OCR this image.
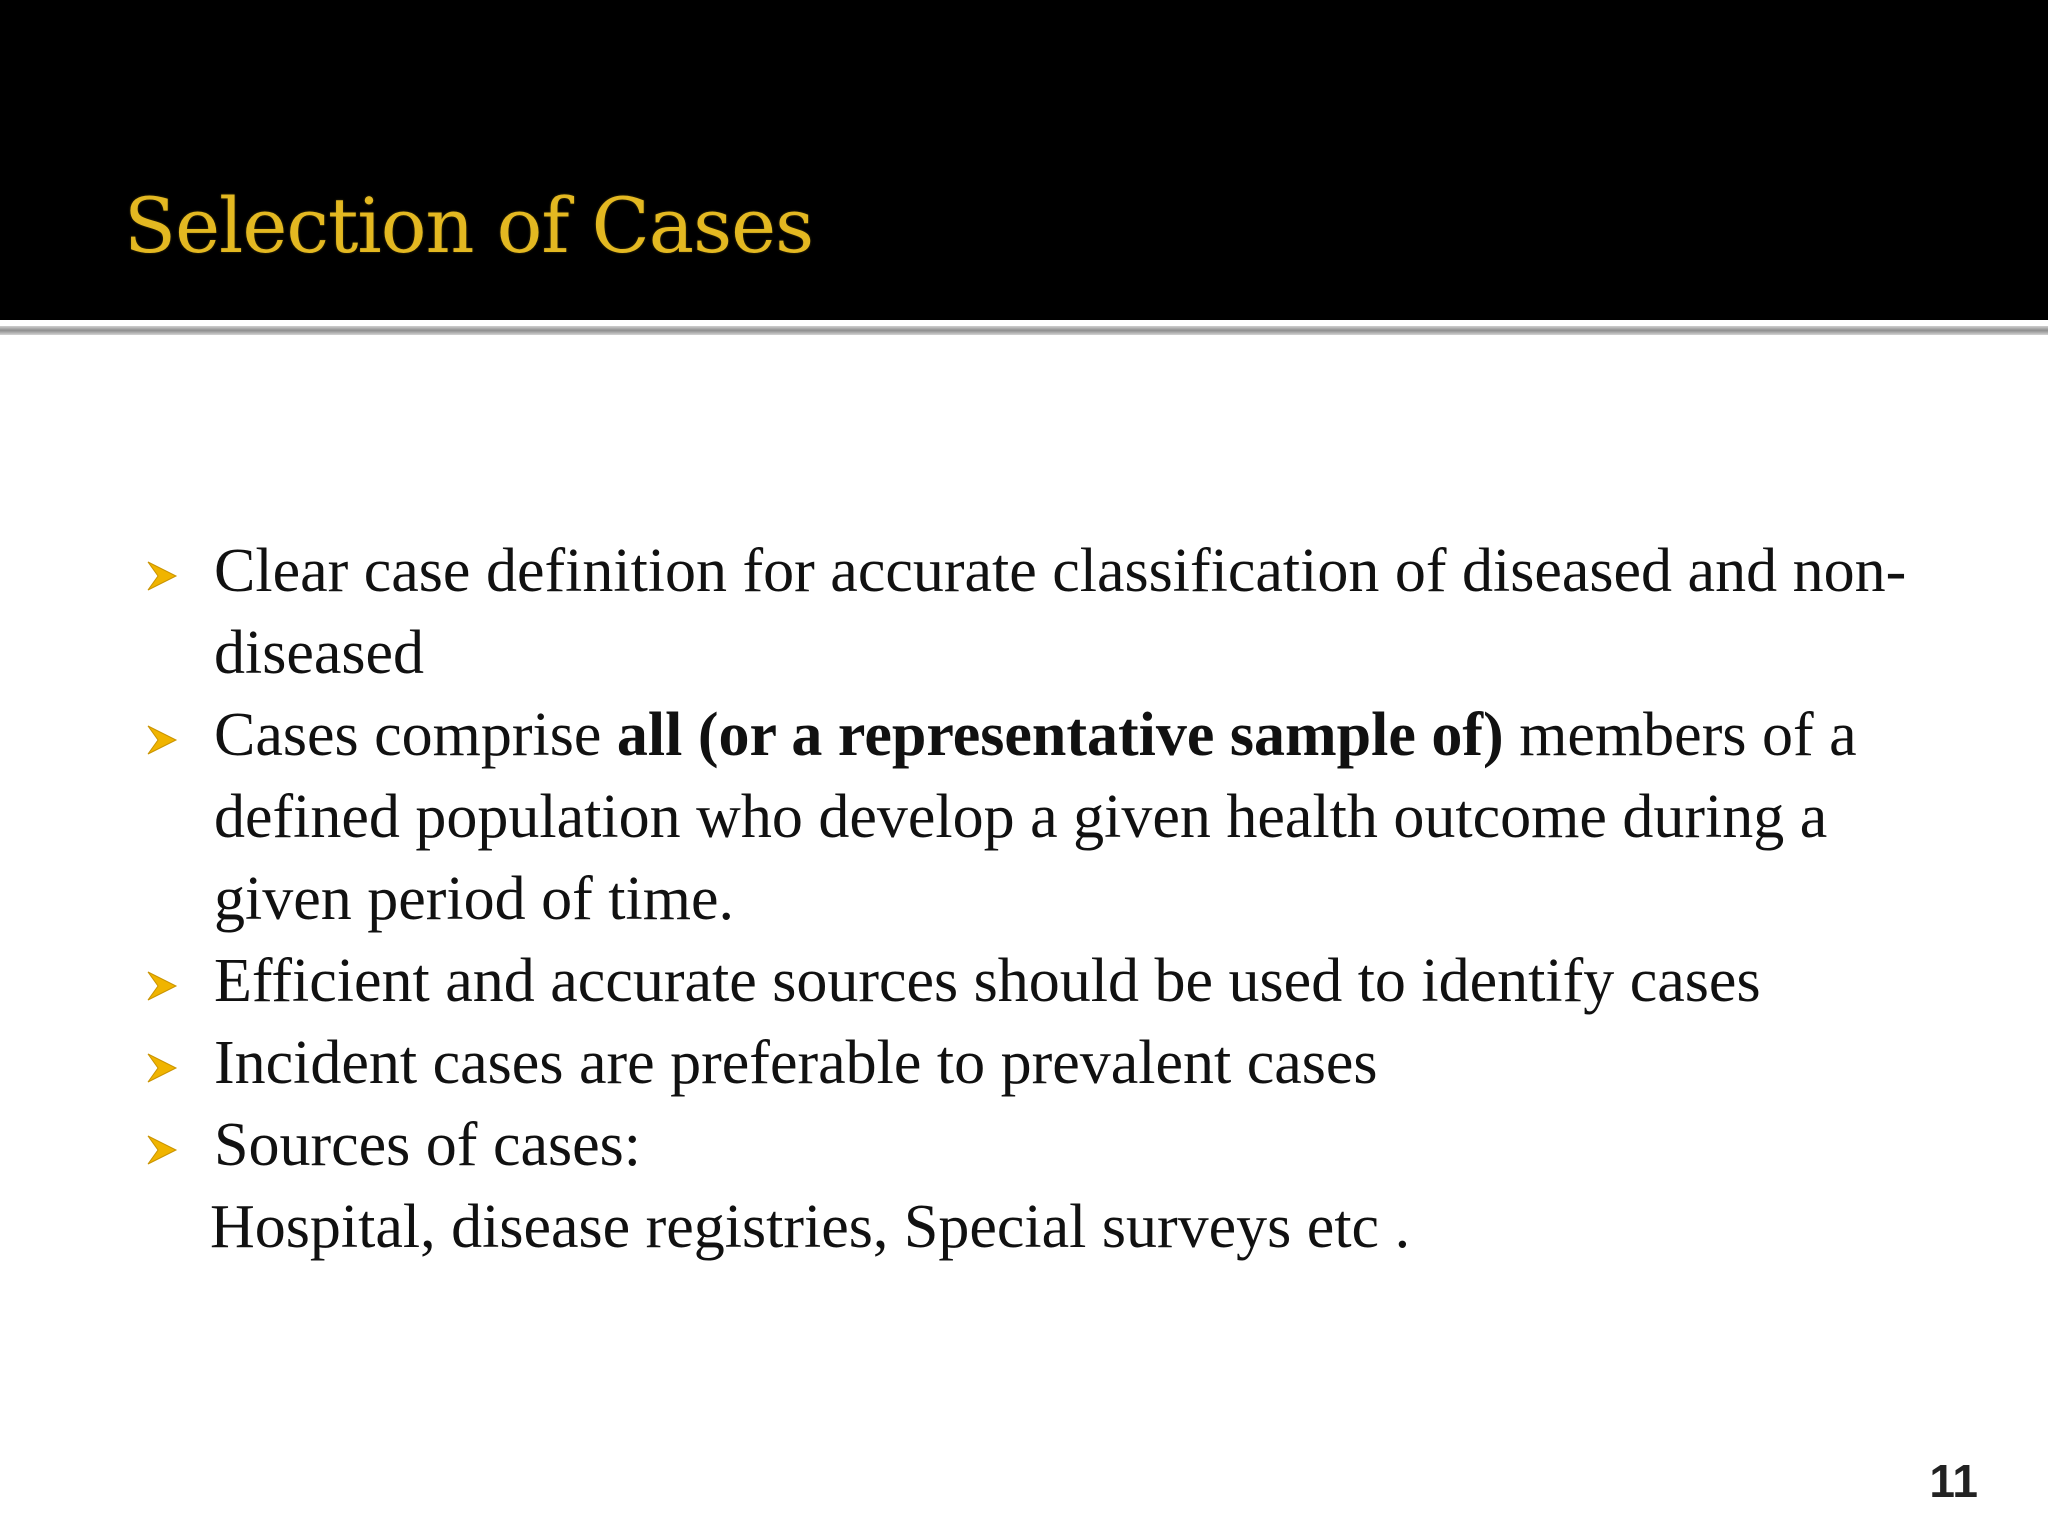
Selection of Cases
Clear case definition for accurate classification of diseased and non-diseased
Cases comprise all (or a representative sample of) members of a defined population who develop a given health outcome during a given period of time.
Efficient and accurate sources should be used to identify cases
Incident cases are preferable to prevalent cases
Sources of cases:
Hospital, disease registries, Special surveys etc .

11
